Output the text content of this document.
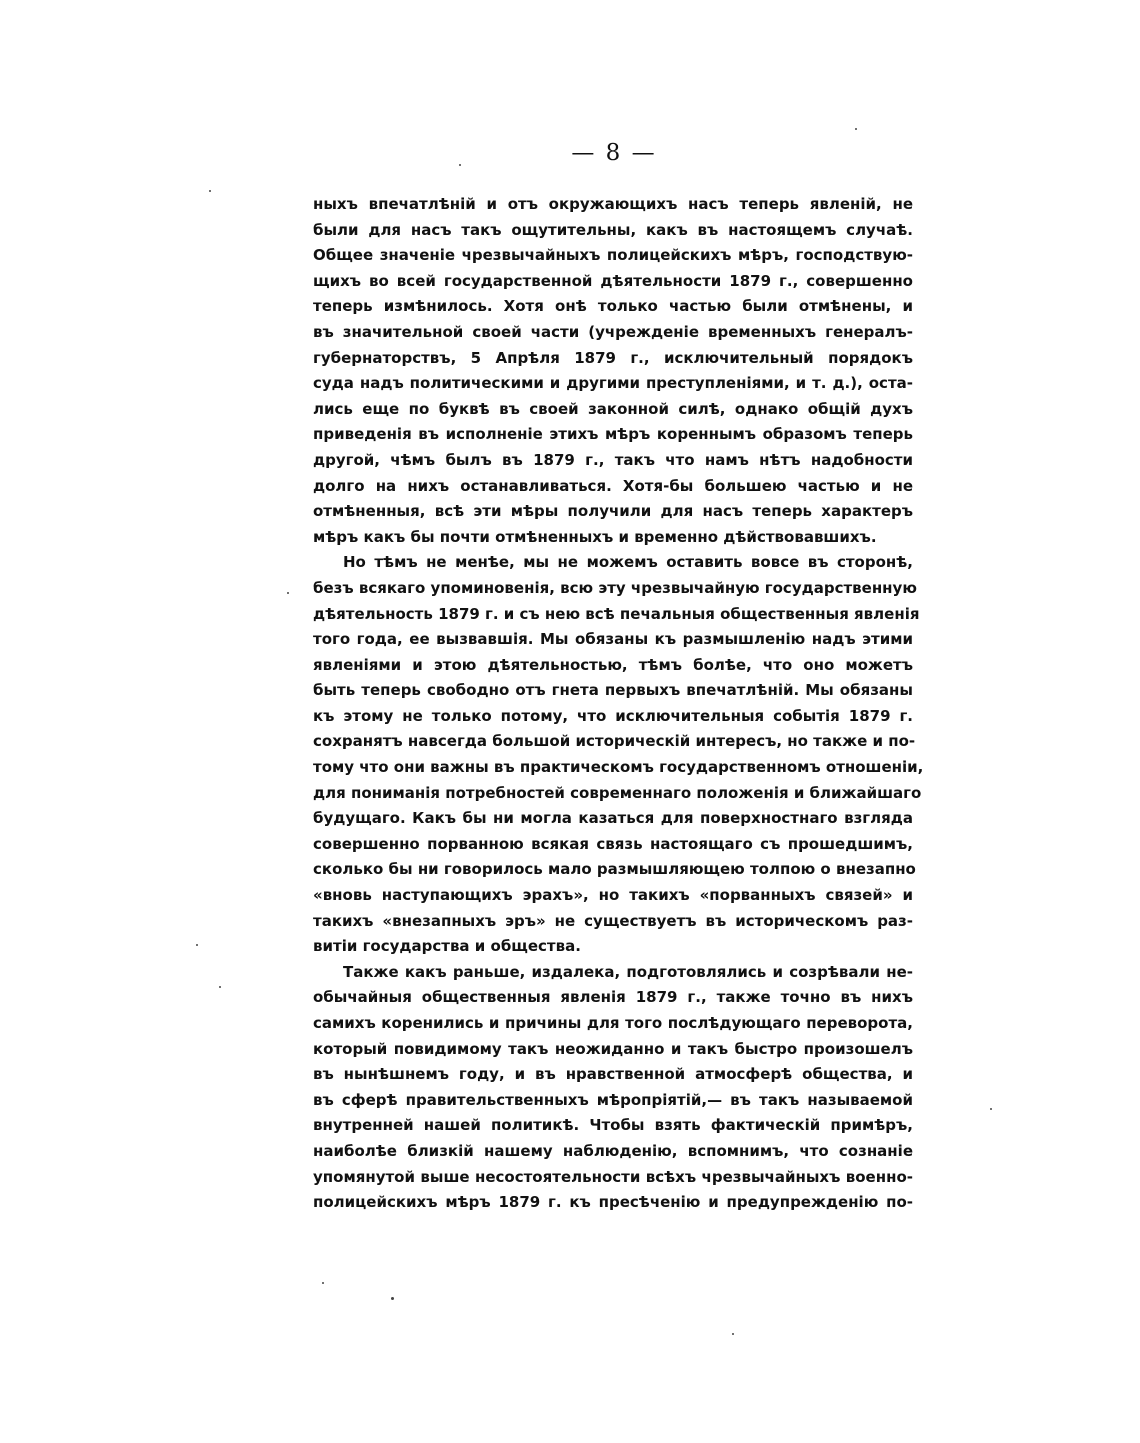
— 8 —

ныхъ впечатлѣній и отъ окружающихъ насъ теперь явленій, не
были для насъ такъ ощутительны, какъ въ настоящемъ случаѣ.
Общее значеніе чрезвычайныхъ полицейскихъ мѣръ, господствую-
щихъ во всей государственной дѣятельности 1879 г., совершенно
теперь измѣнилось. Хотя онѣ только частью были отмѣнены, и
въ значительной своей части (учрежденіе временныхъ генералъ-
губернаторствъ, 5 Апрѣля 1879 г., исключительный порядокъ
суда надъ политическими и другими преступленіями, и т. д.), оста-
лись еще по буквѣ въ своей законной силѣ, однако общій духъ
приведенія въ исполненіе этихъ мѣръ кореннымъ образомъ теперь
другой, чѣмъ былъ въ 1879 г., такъ что намъ нѣтъ надобности
долго на нихъ останавливаться. Хотя-бы большею частью и не
отмѣненныя, всѣ эти мѣры получили для насъ теперь характеръ
мѣръ какъ бы почти отмѣненныхъ и временно дѣйствовавшихъ.

Но тѣмъ не менѣе, мы не можемъ оставить вовсе въ сторонѣ,
безъ всякаго упоминовенія, всю эту чрезвычайную государственную
дѣятельность 1879 г. и съ нею всѣ печальныя общественныя явленія
того года, ее вызвавшія. Мы обязаны къ размышленію надъ этими
явленіями и этою дѣятельностью, тѣмъ болѣе, что оно можетъ
быть теперь свободно отъ гнета первыхъ впечатлѣній. Мы обязаны
къ этому не только потому, что исключительныя событія 1879 г.
сохранятъ навсегда большой историческій интересъ, но также и по-
тому что они важны въ практическомъ государственномъ отношеніи,
для пониманія потребностей современнаго положенія и ближайшаго
будущаго. Какъ бы ни могла казаться для поверхностнаго взгляда
совершенно порванною всякая связь настоящаго съ прошедшимъ,
сколько бы ни говорилось мало размышляющею толпою о внезапно
«вновь наступающихъ эрахъ», но такихъ «порванныхъ связей» и
такихъ «внезапныхъ эръ» не существуетъ въ историческомъ раз-
витіи государства и общества.

Также какъ раньше, издалека, подготовлялись и созрѣвали не-
обычайныя общественныя явленія 1879 г., также точно въ нихъ
самихъ коренились и причины для того послѣдующаго переворота,
который повидимому такъ неожиданно и такъ быстро произошелъ
въ нынѣшнемъ году, и въ нравственной атмосферѣ общества, и
въ сферѣ правительственныхъ мѣропріятій,— въ такъ называемой
внутренней нашей политикѣ. Чтобы взять фактическій примѣръ,
наиболѣе близкій нашему наблюденію, вспомнимъ, что сознаніе
упомянутой выше несостоятельности всѣхъ чрезвычайныхъ военно-
полицейскихъ мѣръ 1879 г. къ пресѣченію и предупрежденію по-
